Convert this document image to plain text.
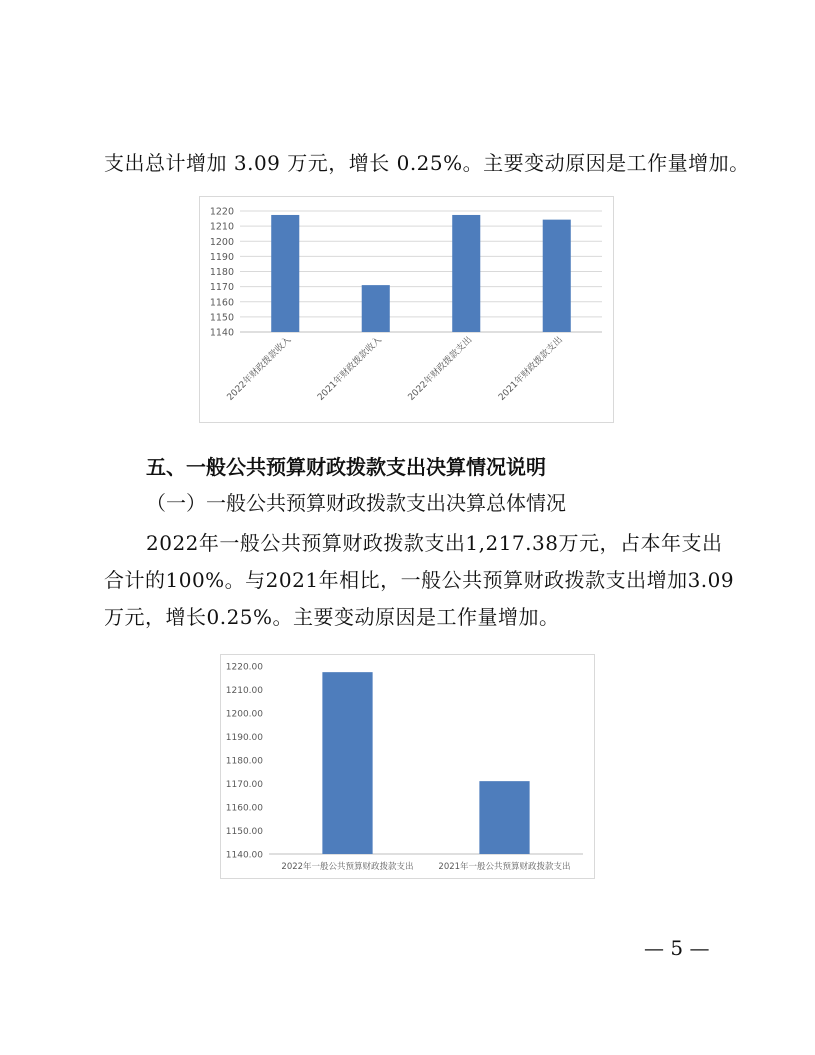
支出总计增加 3.09 万元，增长 0.25%。主要变动原因是工作量增加。

1140
1150
1160
1170
1180
1190
1200
1210
1220
2022年财政拨款收入	2021年财政拨款收入	2022年财政拨款支出	2021年财政拨款支出

五、一般公共预算财政拨款支出决算情况说明

（一）一般公共预算财政拨款支出决算总体情况

2022年一般公共预算财政拨款支出1,217.38万元，占本年支出

合计的100%。与2021年相比，一般公共预算财政拨款支出增加3.09

万元，增长0.25%。主要变动原因是工作量增加。

1140.00
1150.00
1160.00
1170.00
1180.00
1190.00
1200.00
1210.00
1220.00
2022年一般公共预算财政拨款支出	2021年一般公共预算财政拨款支出
— 5 —
